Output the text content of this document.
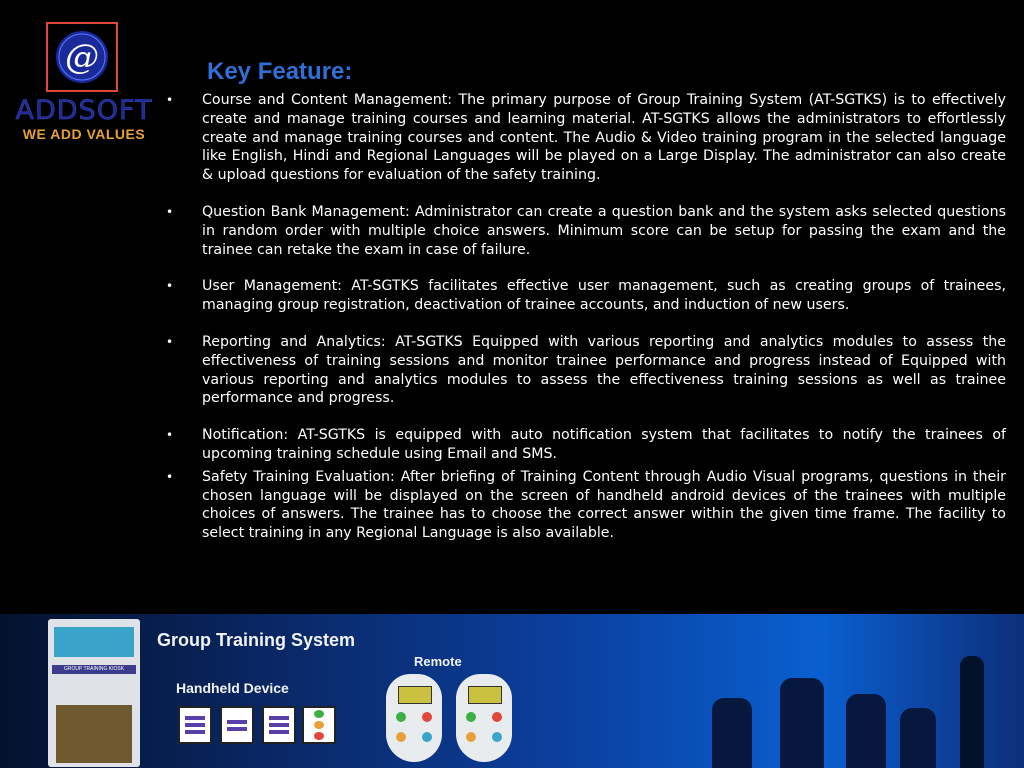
@
ADDSOFT
WE ADD VALUES
Key Feature:
• Course and Content Management: The primary purpose of Group Training System (AT-SGTKS) is to effectively create and manage training courses and learning material. AT-SGTKS allows the administrators to effortlessly create and manage training courses and content. The Audio & Video training program in the selected language like English, Hindi and Regional Languages will be played on a Large Display. The administrator can also create & upload questions for evaluation of the safety training.
• Question Bank Management: Administrator can create a question bank and the system asks selected questions in random order with multiple choice answers. Minimum score can be setup for passing the exam and the trainee can retake the exam in case of failure.
• User Management: AT-SGTKS facilitates effective user management, such as creating groups of trainees, managing group registration, deactivation of trainee accounts, and induction of new users.
• Reporting and Analytics: AT-SGTKS Equipped with various reporting and analytics modules to assess the effectiveness of training sessions and monitor trainee performance and progress instead of Equipped with various reporting and analytics modules to assess the effectiveness training sessions as well as trainee performance and progress.
• Notification: AT-SGTKS is equipped with auto notification system that facilitates to notify the trainees of upcoming training schedule using Email and SMS.
• Safety Training Evaluation: After briefing of Training Content through Audio Visual programs, questions in their chosen language will be displayed on the screen of handheld android devices of the trainees with multiple choices of answers. The trainee has to choose the correct answer within the given time frame. The facility to select training in any Regional Language is also available.
GROUP TRAINING KIOSK
Group Training System
Remote
Handheld Device
